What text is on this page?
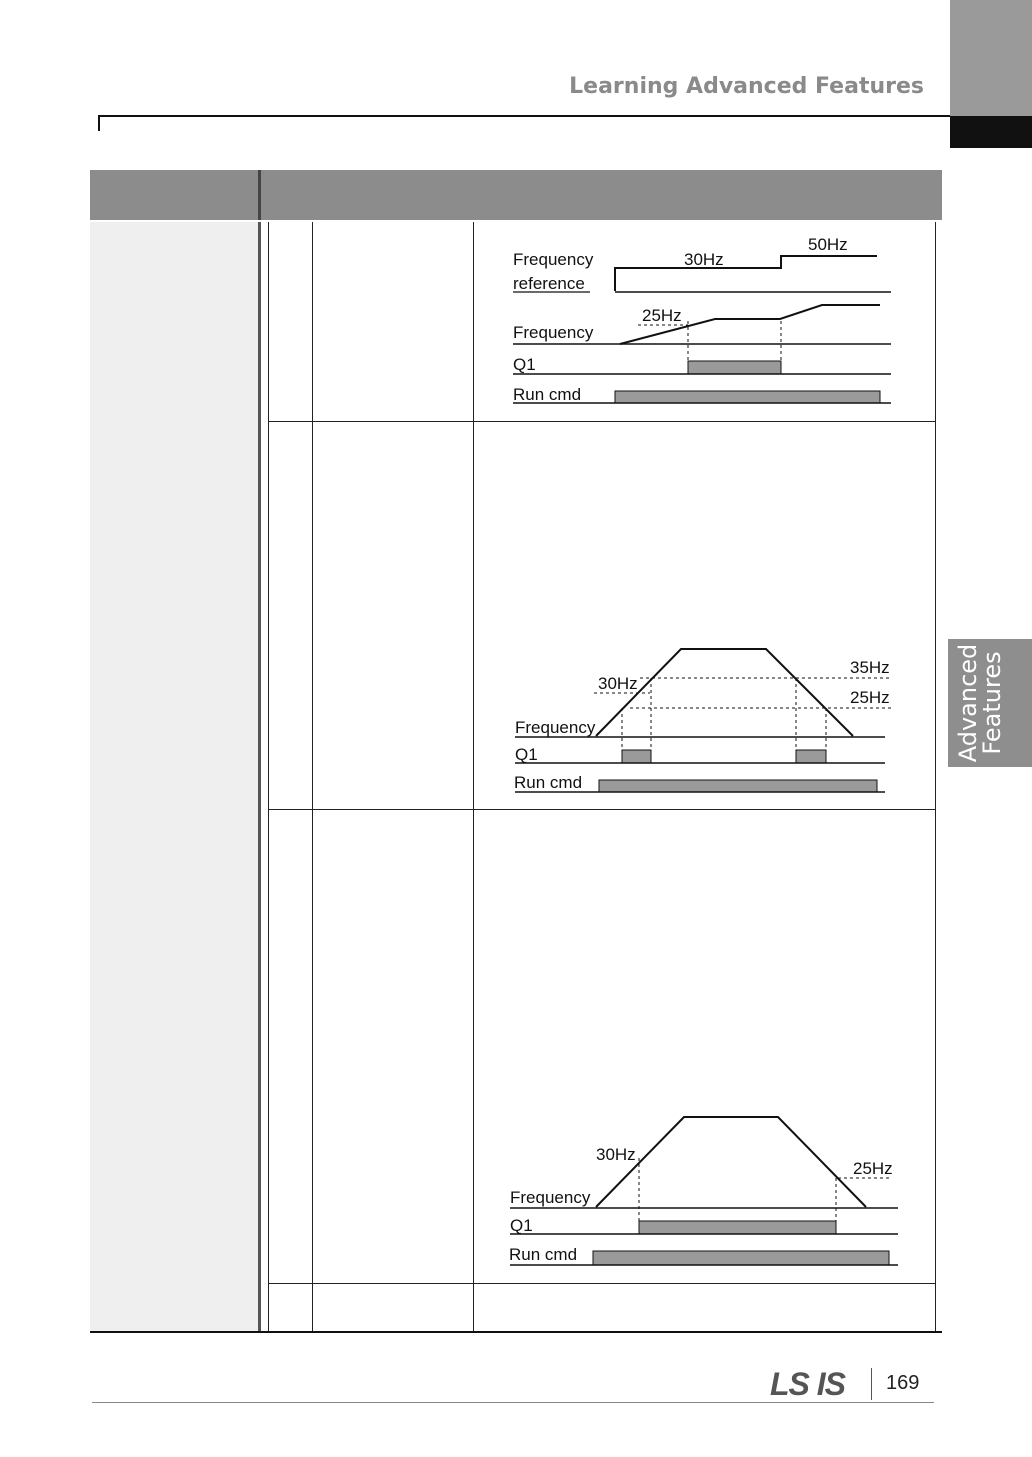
Learning Advanced Features
Advanced
Features
Frequency
reference
30Hz
50Hz
25Hz
Frequency
Q1
Run cmd
35Hz
30Hz
25Hz
Frequency
Q1
Run cmd
30Hz
25Hz
Frequency
Q1
Run cmd
LS IS 169
